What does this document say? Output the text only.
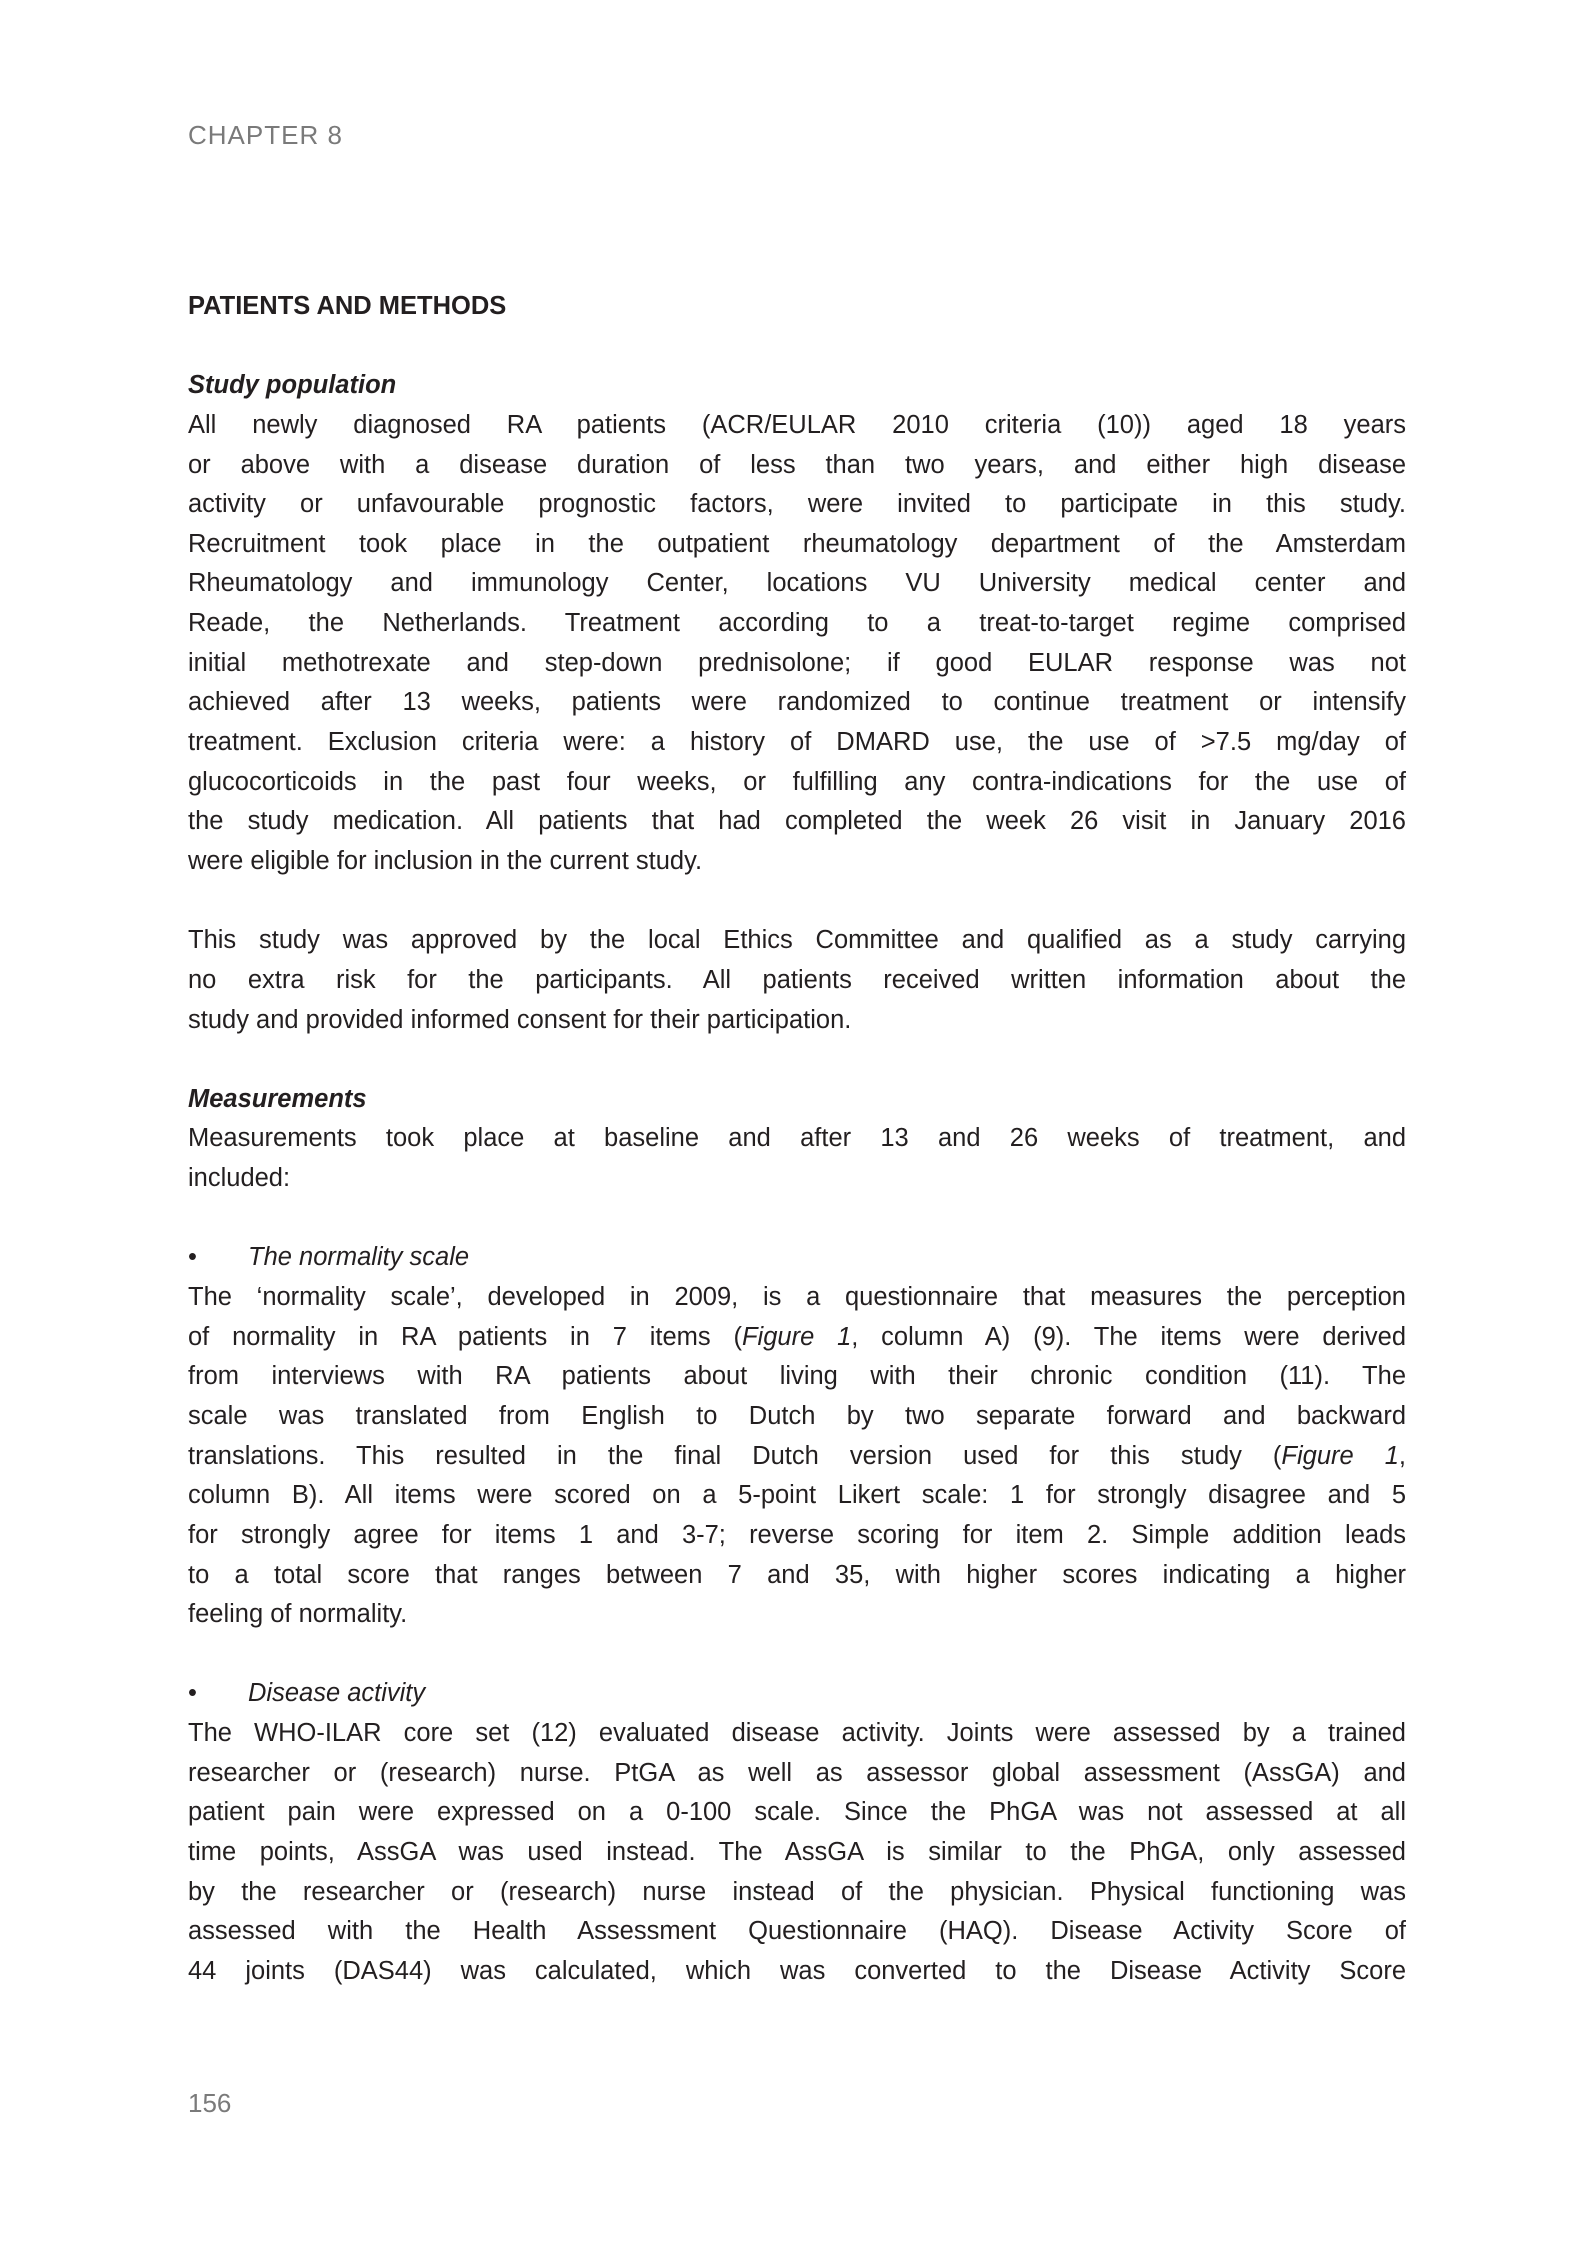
CHAPTER 8
PATIENTS AND METHODS
Study population
All newly diagnosed RA patients (ACR/EULAR 2010 criteria (10)) aged 18 years
or above with a disease duration of less than two years, and either high disease
activity or unfavourable prognostic factors, were invited to participate in this study.
Recruitment took place in the outpatient rheumatology department of the Amsterdam
Rheumatology and immunology Center, locations VU University medical center and
Reade, the Netherlands. Treatment according to a treat-to-target regime comprised
initial methotrexate and step-down prednisolone; if good EULAR response was not
achieved after 13 weeks, patients were randomized to continue treatment or intensify
treatment. Exclusion criteria were: a history of DMARD use, the use of >7.5 mg/day of
glucocorticoids in the past four weeks, or fulfilling any contra-indications for the use of
the study medication. All patients that had completed the week 26 visit in January 2016
were eligible for inclusion in the current study.
This study was approved by the local Ethics Committee and qualified as a study carrying
no extra risk for the participants. All patients received written information about the
study and provided informed consent for their participation.
Measurements
Measurements took place at baseline and after 13 and 26 weeks of treatment, and
included:
• The normality scale
The ‘normality scale’, developed in 2009, is a questionnaire that measures the perception
of normality in RA patients in 7 items (Figure 1, column A) (9). The items were derived
from interviews with RA patients about living with their chronic condition (11). The
scale was translated from English to Dutch by two separate forward and backward
translations. This resulted in the final Dutch version used for this study (Figure 1,
column B). All items were scored on a 5-point Likert scale: 1 for strongly disagree and 5
for strongly agree for items 1 and 3-7; reverse scoring for item 2. Simple addition leads
to a total score that ranges between 7 and 35, with higher scores indicating a higher
feeling of normality.
• Disease activity
The WHO-ILAR core set (12) evaluated disease activity. Joints were assessed by a trained
researcher or (research) nurse. PtGA as well as assessor global assessment (AssGA) and
patient pain were expressed on a 0-100 scale. Since the PhGA was not assessed at all
time points, AssGA was used instead. The AssGA is similar to the PhGA, only assessed
by the researcher or (research) nurse instead of the physician. Physical functioning was
assessed with the Health Assessment Questionnaire (HAQ). Disease Activity Score of
44 joints (DAS44) was calculated, which was converted to the Disease Activity Score
156
